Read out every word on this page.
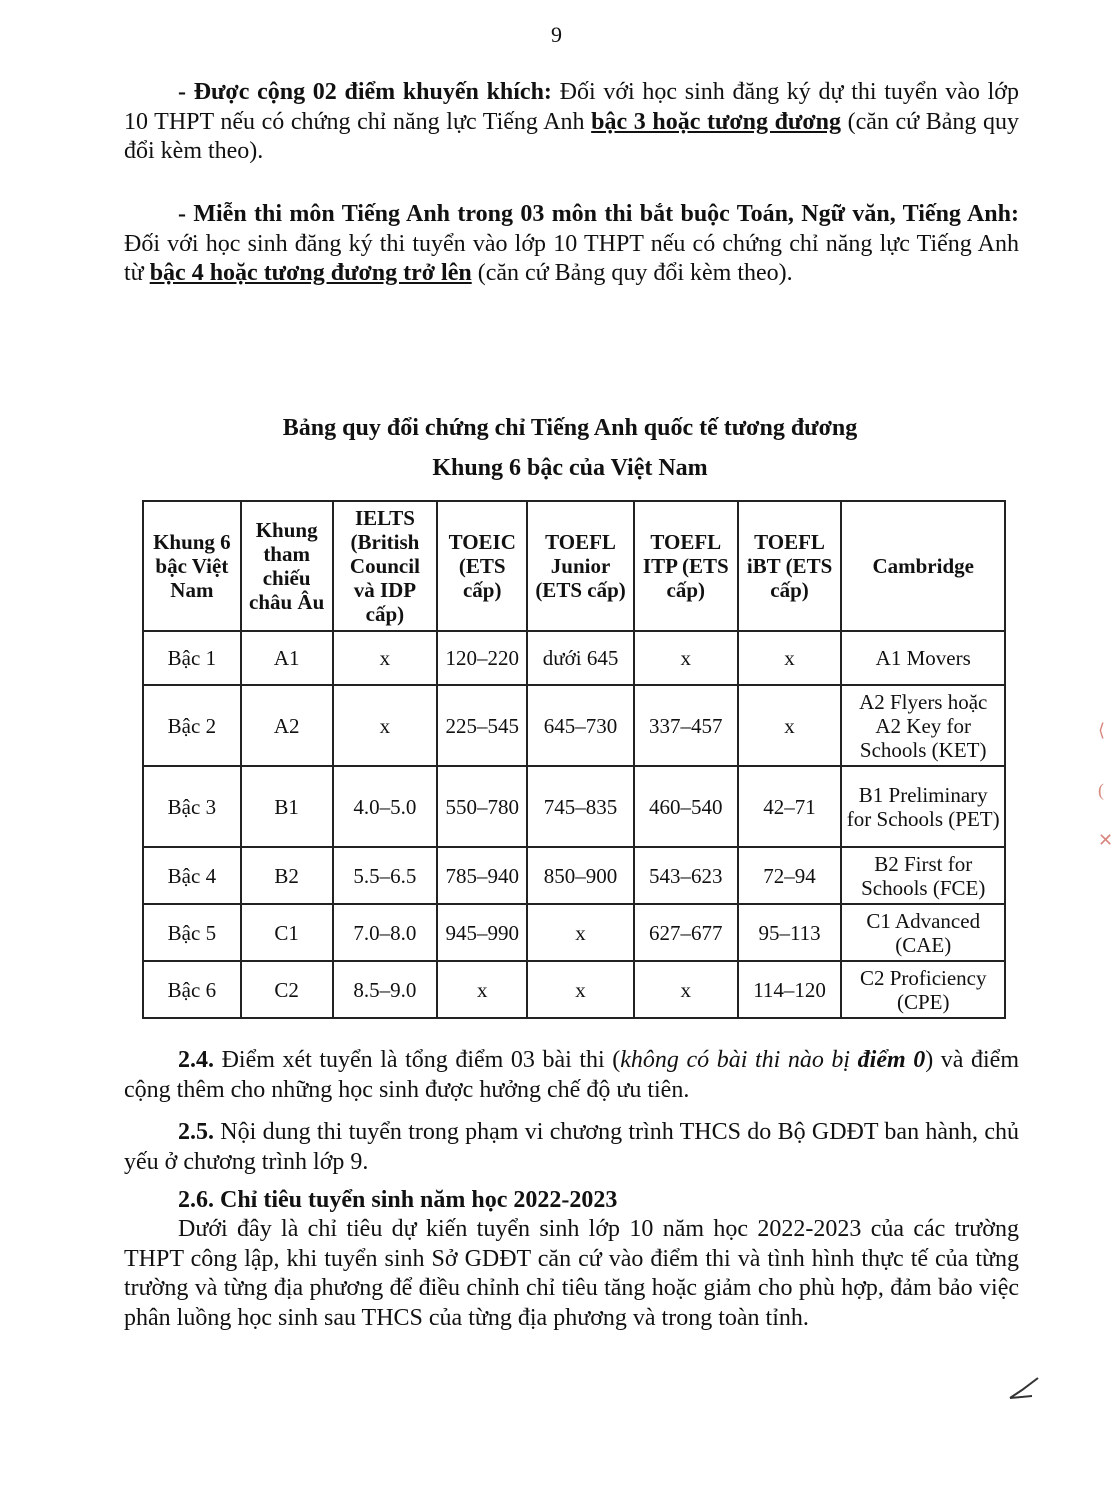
9
- Được cộng 02 điểm khuyến khích: Đối với học sinh đăng ký dự thi tuyển vào lớp 10 THPT nếu có chứng chỉ năng lực Tiếng Anh bậc 3 hoặc tương đương (căn cứ Bảng quy đổi kèm theo).
- Miễn thi môn Tiếng Anh trong 03 môn thi bắt buộc Toán, Ngữ văn, Tiếng Anh: Đối với học sinh đăng ký thi tuyển vào lớp 10 THPT nếu có chứng chỉ năng lực Tiếng Anh từ bậc 4 hoặc tương đương trở lên (căn cứ Bảng quy đổi kèm theo).
Bảng quy đổi chứng chỉ Tiếng Anh quốc tế tương đương
Khung 6 bậc của Việt Nam
Khung 6 bậc Việt Nam	Khung tham chiếu châu Âu	IELTS (British Council và IDP cấp)	TOEIC (ETS cấp)	TOEFL Junior (ETS cấp)	TOEFL ITP (ETS cấp)	TOEFL iBT (ETS cấp)	Cambridge
Bậc 1	A1	x	120–220	dưới 645	x	x	A1 Movers
Bậc 2	A2	x	225–545	645–730	337–457	x	A2 Flyers hoặc A2 Key for Schools (KET)
Bậc 3	B1	4.0–5.0	550–780	745–835	460–540	42–71	B1 Preliminary for Schools (PET)
Bậc 4	B2	5.5–6.5	785–940	850–900	543–623	72–94	B2 First for Schools (FCE)
Bậc 5	C1	7.0–8.0	945–990	x	627–677	95–113	C1 Advanced (CAE)
Bậc 6	C2	8.5–9.0	x	x	x	114–120	C2 Proficiency (CPE)
2.4. Điểm xét tuyển là tổng điểm 03 bài thi (không có bài thi nào bị điểm 0) và điểm cộng thêm cho những học sinh được hưởng chế độ ưu tiên.
2.5. Nội dung thi tuyển trong phạm vi chương trình THCS do Bộ GDĐT ban hành, chủ yếu ở chương trình lớp 9.
2.6. Chỉ tiêu tuyển sinh năm học 2022-2023
Dưới đây là chỉ tiêu dự kiến tuyển sinh lớp 10 năm học 2022-2023 của các trường THPT công lập, khi tuyển sinh Sở GDĐT căn cứ vào điểm thi và tình hình thực tế của từng trường và từng địa phương để điều chỉnh chỉ tiêu tăng hoặc giảm cho phù hợp, đảm bảo việc phân luồng học sinh sau THCS của từng địa phương và trong toàn tỉnh.
⟨
(
✕
